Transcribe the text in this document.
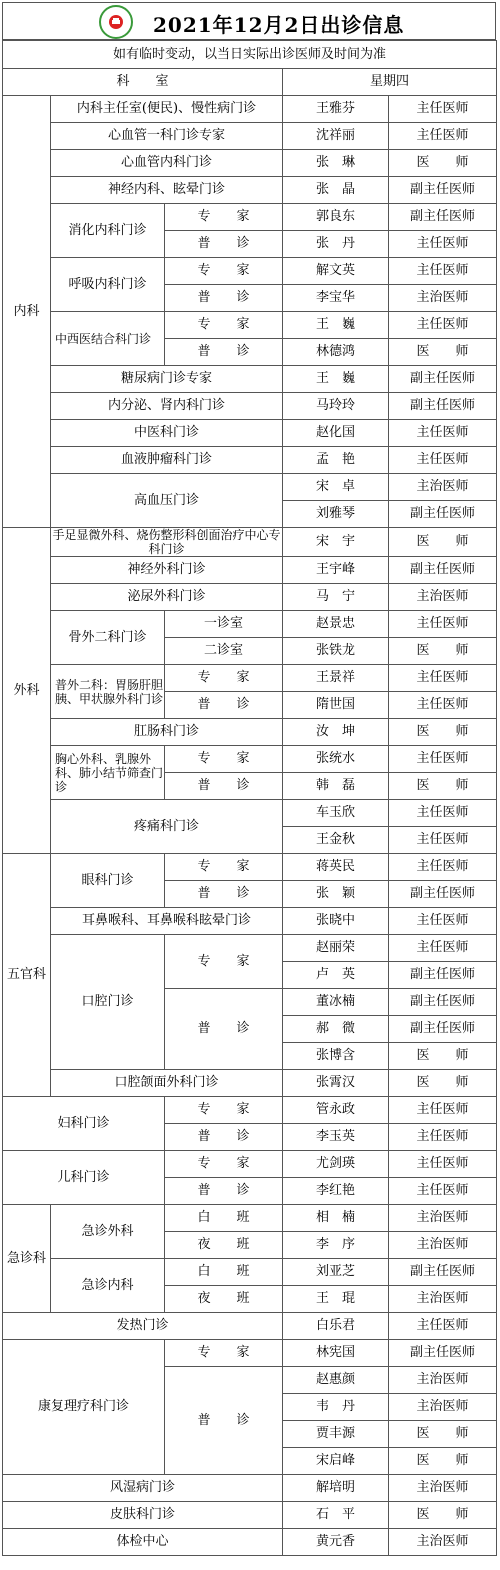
2021年12月2日出诊信息
如有临时变动，以当日实际出诊医师及时间为准				
科　　室			星期四	
内科	内科主任室(便民)、慢性病门诊		王雅芬	主任医师
	心血管一科门诊专家		沈祥丽	主任医师
	心血管内科门诊		张　琳	医　　师
	神经内科、眩晕门诊		张　晶	副主任医师
	消化内科门诊	专　　家	郭良东	副主任医师
		普　　诊	张　丹	主任医师
	呼吸内科门诊	专　　家	解文英	主任医师
		普　　诊	李宝华	主治医师
	中西医结合科门诊	专　　家	王　巍	主任医师
		普　　诊	林德鸿	医　　师
	糖尿病门诊专家		王　巍	副主任医师
	内分泌、肾内科门诊		马玲玲	副主任医师
	中医科门诊		赵化国	主任医师
	血液肿瘤科门诊		孟　艳	主任医师
	高血压门诊		宋　卓	主治医师
			刘雅琴	副主任医师
外科	手足显微外科、烧伤整形科创面治疗中心专科门诊		宋　宇	医　　师
	神经外科门诊		王宇峰	副主任医师
	泌尿外科门诊		马　宁	主治医师
	骨外二科门诊	一诊室	赵景忠	主任医师
		二诊室	张铁龙	医　　师
	普外二科：胃肠肝胆胰、甲状腺外科门诊	专　　家	王景祥	主任医师
		普　　诊	隋世国	主任医师
	肛肠科门诊		汝　坤	医　　师
	胸心外科、乳腺外科、肺小结节筛查门诊	专　　家	张统水	主任医师
		普　　诊	韩　磊	医　　师
	疼痛科门诊		车玉欣	主任医师
			王金秋	主任医师
五官科	眼科门诊	专　　家	蒋英民	主任医师
		普　　诊	张　颖	副主任医师
	耳鼻喉科、耳鼻喉科眩晕门诊		张晓中	主任医师
	口腔门诊	专　　家	赵丽荣	主任医师
			卢　英	副主任医师
		普　　诊	董冰楠	副主任医师
			郝　微	副主任医师
			张博含	医　　师
	口腔颌面外科门诊		张霄汉	医　　师
妇科门诊		专　　家	管永政	主任医师
		普　　诊	李玉英	主任医师
儿科门诊		专　　家	尤剑瑛	主任医师
		普　　诊	李红艳	主任医师
急诊科	急诊外科	白　　班	相　楠	主治医师
		夜　　班	李　序	主治医师
	急诊内科	白　　班	刘亚芝	副主任医师
		夜　　班	王　琨	主治医师
发热门诊			白乐君	主任医师
康复理疗科门诊		专　　家	林宪国	副主任医师
		普　　诊	赵惠颜	主治医师
			韦　丹	主治医师
			贾丰源	医　　师
			宋启峰	医　　师
风湿病门诊			解培明	主治医师
皮肤科门诊			石　平	医　　师
体检中心			黄元香	主治医师
